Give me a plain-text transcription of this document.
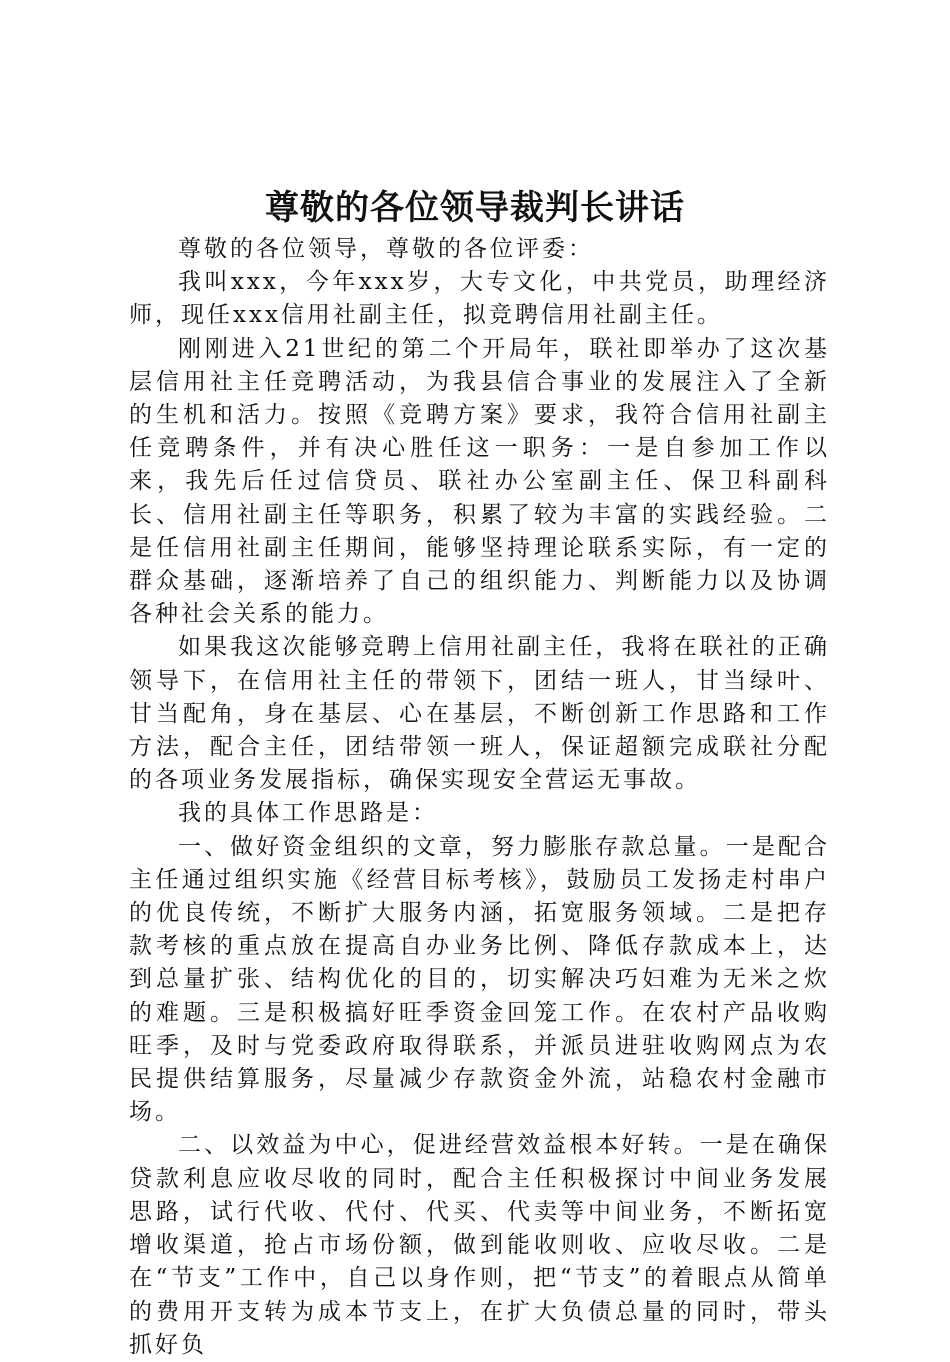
尊敬的各位领导裁判长讲话

尊敬的各位领导，尊敬的各位评委：

我叫xxx，今年xxx岁，大专文化，中共党员，助理经济师，现任xxx信用社副主任，拟竞聘信用社副主任。

刚刚进入21世纪的第二个开局年，联社即举办了这次基层信用社主任竞聘活动，为我县信合事业的发展注入了全新的生机和活力。按照《竞聘方案》要求，我符合信用社副主任竞聘条件，并有决心胜任这一职务：一是自参加工作以来，我先后任过信贷员、联社办公室副主任、保卫科副科长、信用社副主任等职务，积累了较为丰富的实践经验。二是任信用社副主任期间，能够坚持理论联系实际，有一定的群众基础，逐渐培养了自己的组织能力、判断能力以及协调各种社会关系的能力。

如果我这次能够竞聘上信用社副主任，我将在联社的正确领导下，在信用社主任的带领下，团结一班人，甘当绿叶、甘当配角，身在基层、心在基层，不断创新工作思路和工作方法，配合主任，团结带领一班人，保证超额完成联社分配的各项业务发展指标，确保实现安全营运无事故。

我的具体工作思路是：

一、做好资金组织的文章，努力膨胀存款总量。一是配合主任通过组织实施《经营目标考核》，鼓励员工发扬走村串户的优良传统，不断扩大服务内涵，拓宽服务领域。二是把存款考核的重点放在提高自办业务比例、降低存款成本上，达到总量扩张、结构优化的目的，切实解决巧妇难为无米之炊的难题。三是积极搞好旺季资金回笼工作。在农村产品收购旺季，及时与党委政府取得联系，并派员进驻收购网点为农民提供结算服务，尽量减少存款资金外流，站稳农村金融市场。

二、以效益为中心，促进经营效益根本好转。一是在确保贷款利息应收尽收的同时，配合主任积极探讨中间业务发展思路，试行代收、代付、代买、代卖等中间业务，不断拓宽增收渠道，抢占市场份额，做到能收则收、应收尽收。二是在“节支”工作中，自己以身作则，把“节支”的着眼点从简单的费用开支转为成本节支上，在扩大负债总量的同时，带头抓好负
